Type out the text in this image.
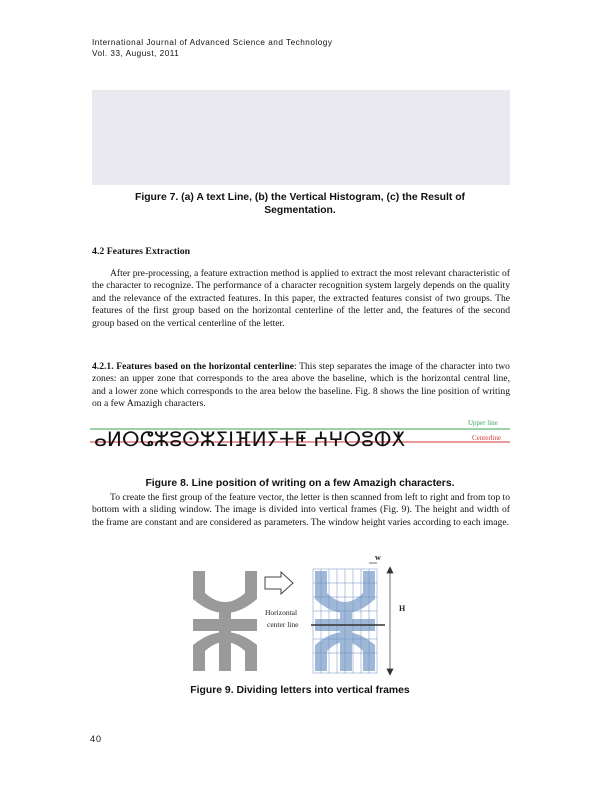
International Journal of Advanced Science and Technology
Vol. 33, August, 2011
Figure 7. (a) A text Line, (b) the Vertical Histogram, (c) the Result of
Segmentation.
4.2 Features Extraction
After pre-processing, a feature extraction method is applied to extract the most relevant characteristic of the character to recognize. The performance of a character recognition system largely depends on the quality and the relevance of the extracted features. In this paper, the extracted features consist of two groups. The features of the first group based on the horizontal centerline of the letter and, the features of the second group based on the vertical centerline of the letter.
4.2.1. Features based on the horizontal centerline: This step separates the image of the character into two zones: an upper zone that corresponds to the area above the baseline, which is the horizontal central line, and a lower zone which corresponds to the area below the baseline. Fig. 8 shows the line position of writing on a few Amazigh characters.
ⴰⵍⵔⵛⵣⵓⵙⵣⵉⵏⴼⵍⵢⵜⵟ ⵄⵖⵔⵓⵀⵅ
Upper line
Centerline
Figure 8. Line position of writing on a few Amazigh characters.
To create the first group of the feature vector, the letter is then scanned from left to right and from top to bottom with a sliding window. The image is divided into vertical frames (Fig. 9). The height and width of the frame are constant and are considered as parameters. The window height varies according to each image.
w
H
Horizontal
center line
Figure 9. Dividing letters into vertical frames
40
